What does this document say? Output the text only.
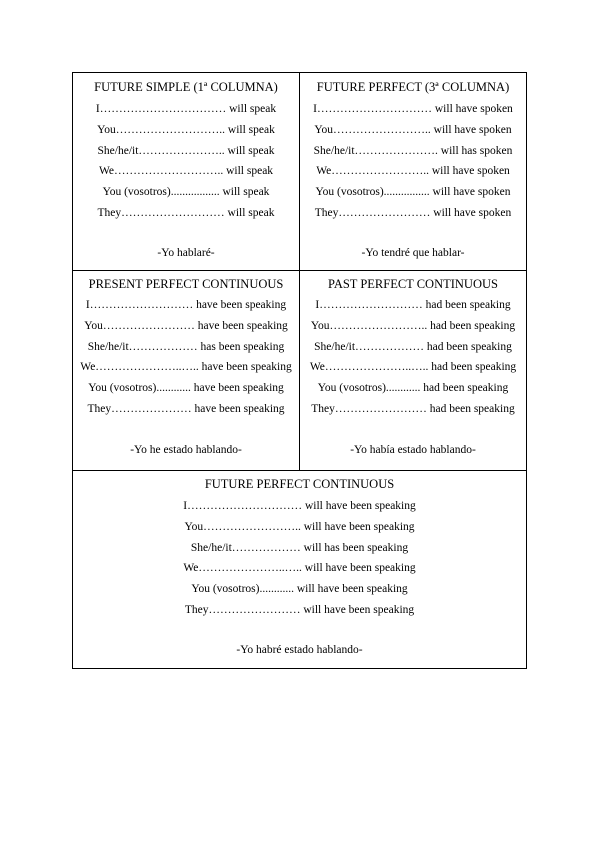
FUTURE SIMPLE (1ª COLUMNA)
I…………………………… will speak
You……………………….. will speak
She/he/it………………….. will speak
We……………………….. will speak
You (vosotros)................. will speak
They……………………… will speak
-Yo hablaré-
FUTURE PERFECT (3ª COLUMNA)
I………………………… will have spoken
You…………………….. will have spoken
She/he/it…………………. will has spoken
We…………………….. will have spoken
You (vosotros)................ will have spoken
They…………………… will have spoken
-Yo tendré que hablar-
PRESENT PERFECT CONTINUOUS
I……………………… have been speaking
You…………………… have been speaking
She/he/it……………… has been speaking
We…………………..….. have been speaking
You (vosotros)............ have been speaking
They………………… have been speaking
-Yo he estado hablando-
PAST PERFECT CONTINUOUS
I……………………… had been speaking
You…………………….. had been speaking
She/he/it……………… had been speaking
We…………………..….. had been speaking
You (vosotros)............ had been speaking
They…………………… had been speaking
-Yo había estado hablando-
FUTURE PERFECT CONTINUOUS
I………………………… will have been speaking
You…………………….. will have been speaking
She/he/it……………… will has been speaking
We…………………..….. will have been speaking
You (vosotros)............ will have been speaking
They…………………… will have been speaking
-Yo habré estado hablando-
